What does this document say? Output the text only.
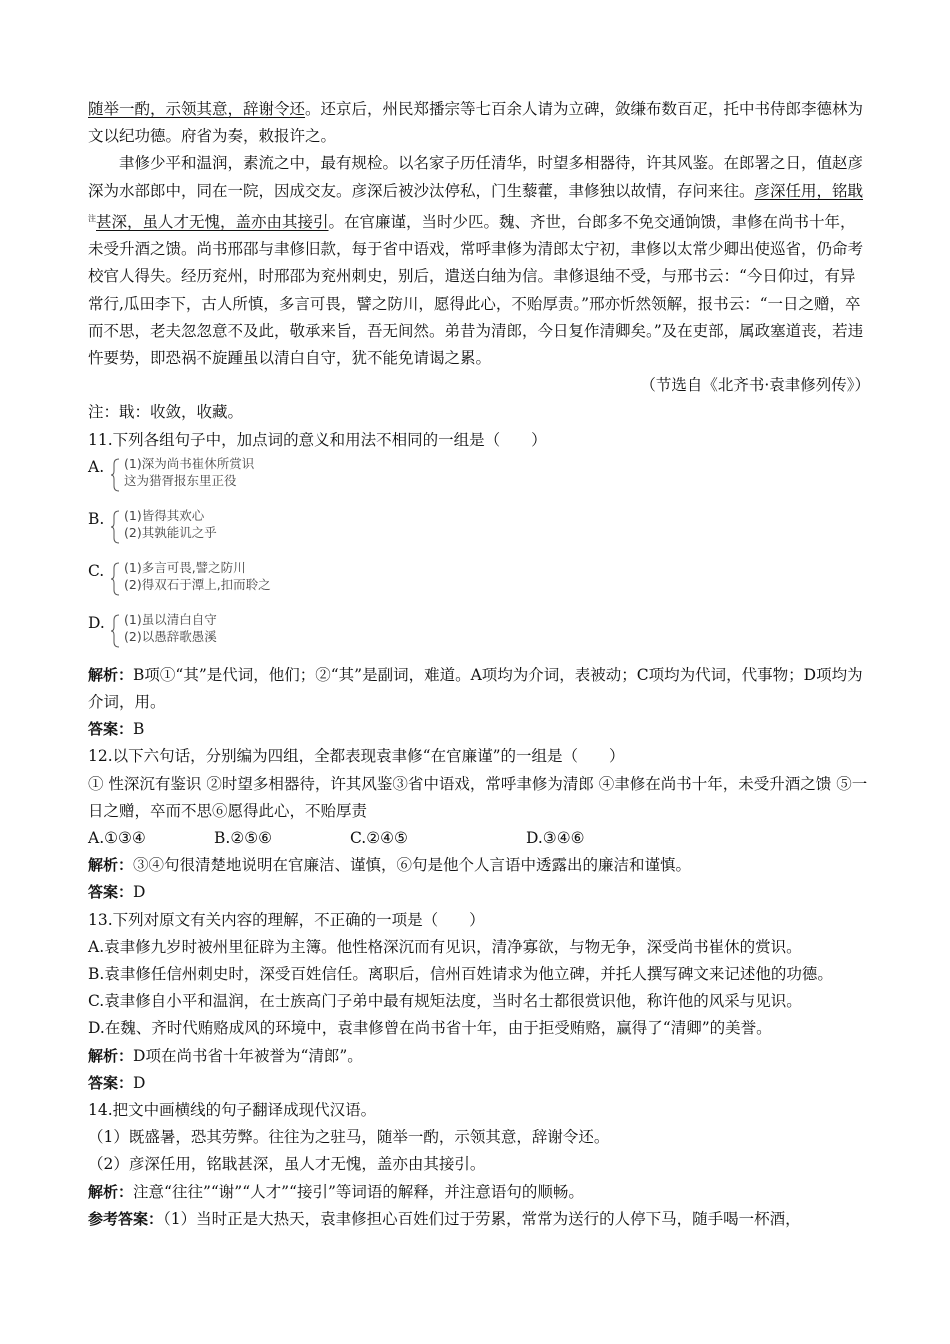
随举一酌，示领其意，辞谢令还。还京后，州民郑播宗等七百余人请为立碑，敛缣布数百疋，托中书侍郎李德林为文以纪功德。府省为奏，敕报许之。

聿修少平和温润，素流之中，最有规检。以名家子历任清华，时望多相器待，许其风鉴。在郎署之日，值赵彦深为水部郎中，同在一院，因成交友。彦深后被沙汰停私，门生藜藿，聿修独以故情，存问来往。彦深任用，铭戢$^注$甚深，虽人才无愧，盖亦由其接引。在官廉谨，当时少匹。魏、齐世，台郎多不免交通饷馈，聿修在尚书十年，未受升酒之馈。尚书邢邵与聿修旧款，每于省中语戏，常呼聿修为清郎太宁初，聿修以太常少卿出使巡省，仍命考校官人得失。经历兖州，时邢邵为兖州刺史，别后，遣送白䌷为信。聿修退䌷不受，与邢书云：“今日仰过，有异常行,瓜田李下，古人所慎，多言可畏，譬之防川，愿得此心，不贻厚责。”邢亦忻然领解，报书云：“一日之赠，卒而不思，老夫忽忽意不及此，敬承来旨，吾无间然。弟昔为清郎，今日复作清卿矣。”及在吏部，属政塞道丧，若违忤要势，即恐祸不旋踵虽以清白自守，犹不能免请谒之累。

（节选自《北齐书·袁聿修列传》）

注：戢：收敛，收藏。

11.下列各组句子中，加点词的意义和用法不相同的一组是（　　）

A. (1)深为尚书崔休所赏识
这为猎胥报东里正役
B. (1)皆得其欢心
(2)其孰能讥之乎
C. (1)多言可畏,譬之防川
(2)得双石于潭上,扣而聆之
D. (1)虽以清白自守
(2)以愚辞歌愚溪

解析：B项①“其”是代词，他们；②“其”是副词，难道。A项均为介词，表被动；C项均为代词，代事物；D项均为介词，用。

答案：B

12.以下六句话，分别编为四组，全都表现袁聿修“在官廉谨”的一组是（　　）

① 性深沉有鉴识 ②时望多相器待，许其风鉴③省中语戏，常呼聿修为清郎 ④聿修在尚书十年，未受升酒之馈 ⑤一日之赠，卒而不思⑥愿得此心，不贻厚责

A.①③④	B.②⑤⑥	C.②④⑤	D.③④⑥

解析：③④句很清楚地说明在官廉洁、谨慎，⑥句是他个人言语中透露出的廉洁和谨慎。

答案：D

13.下列对原文有关内容的理解，不正确的一项是（　　）

A.袁聿修九岁时被州里征辟为主簿。他性格深沉而有见识，清净寡欲，与物无争，深受尚书崔休的赏识。

B.袁聿修任信州刺史时，深受百姓信任。离职后，信州百姓请求为他立碑，并托人撰写碑文来记述他的功德。

C.袁聿修自小平和温润，在士族高门子弟中最有规矩法度，当时名士都很赏识他，称许他的风采与见识。

D.在魏、齐时代贿赂成风的环境中，袁聿修曾在尚书省十年，由于拒受贿赂，赢得了“清卿”的美誉。

解析：D项在尚书省十年被誉为“清郎”。

答案：D

14.把文中画横线的句子翻译成现代汉语。

（1）既盛暑，恐其劳弊。往往为之驻马，随举一酌，示领其意，辞谢令还。

（2）彦深任用，铭戢甚深，虽人才无愧，盖亦由其接引。

解析：注意“往往”“谢”“人才”“接引”等词语的解释，并注意语句的顺畅。

参考答案：（1）当时正是大热天，袁聿修担心百姓们过于劳累，常常为送行的人停下马，随手喝一杯酒，
